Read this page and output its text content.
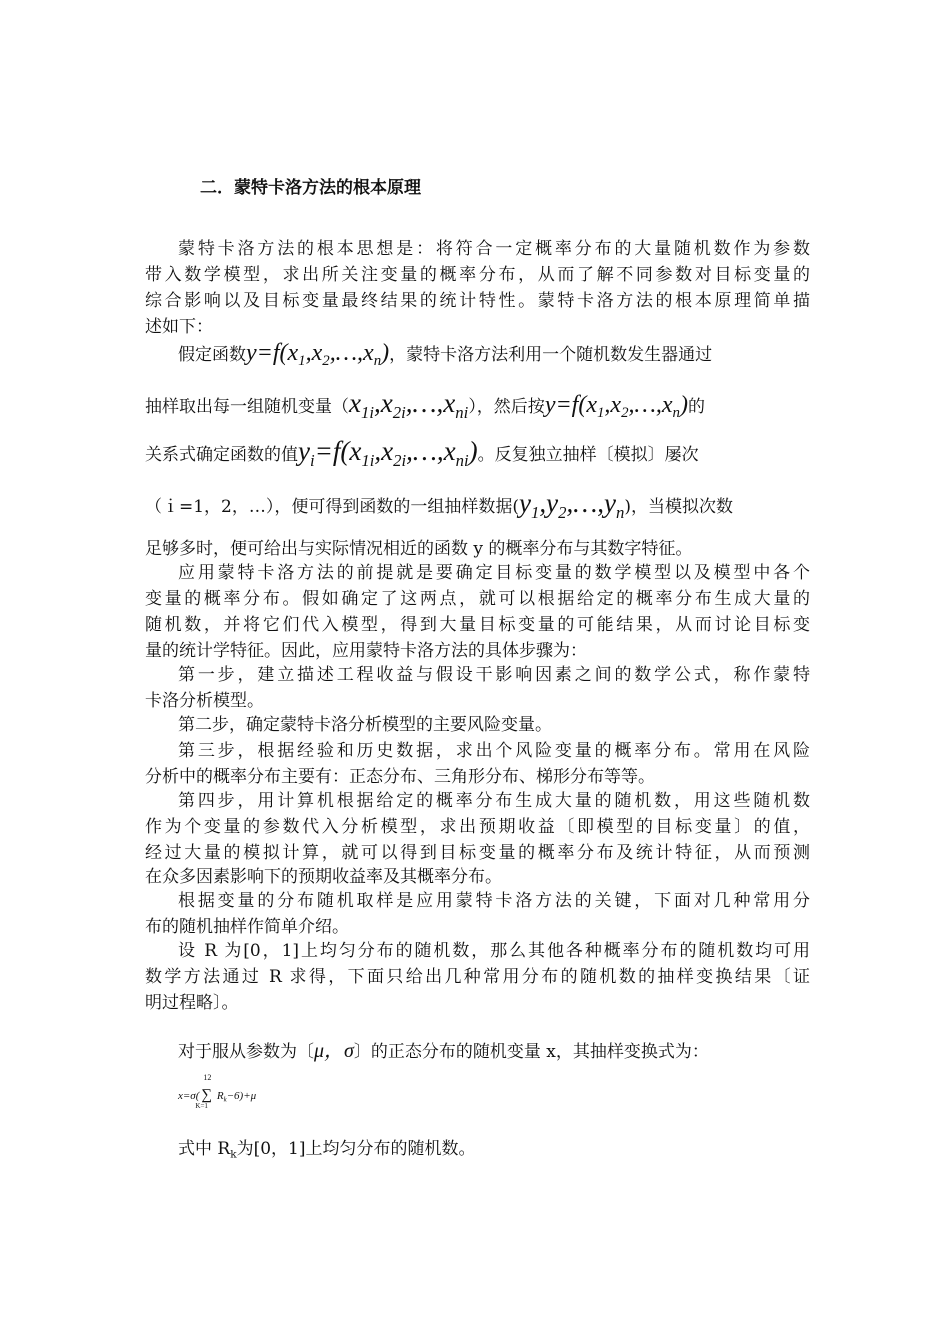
二．蒙特卡洛方法的根本原理
蒙特卡洛方法的根本思想是：将符合一定概率分布的大量随机数作为参数
带入数学模型，求出所关注变量的概率分布，从而了解不同参数对目标变量的
综合影响以及目标变量最终结果的统计特性。蒙特卡洛方法的根本原理简单描
述如下：
假定函数$y=f(x_1,x_2,\dots,x_n)$，蒙特卡洛方法利用一个随机数发生器通过
抽样取出每一组随机变量$(x_{1i},x_{2i},\dots,x_{ni})$，然后按$y=f(x_1,x_2,\dots,x_n)$的
关系式确定函数的值$y_i=f(x_{1i},x_{2i},\dots,x_{ni})$。反复独立抽样〔模拟〕屡次
（ｉ=1，2，…），便可得到函数的一组抽样数据$(y_1,y_2,\dots,y_n)$，当模拟次数
足够多时，便可给出与实际情况相近的函数 y 的概率分布与其数字特征。
应用蒙特卡洛方法的前提就是要确定目标变量的数学模型以及模型中各个
变量的概率分布。假如确定了这两点，就可以根据给定的概率分布生成大量的
随机数，并将它们代入模型，得到大量目标变量的可能结果，从而讨论目标变
量的统计学特征。因此，应用蒙特卡洛方法的具体步骤为：
第一步，建立描述工程收益与假设干影响因素之间的数学公式，称作蒙特
卡洛分析模型。
第二步，确定蒙特卡洛分析模型的主要风险变量。
第三步，根据经验和历史数据，求出个风险变量的概率分布。常用在风险
分析中的概率分布主要有：正态分布、三角形分布、梯形分布等等。
第四步，用计算机根据给定的概率分布生成大量的随机数，用这些随机数
作为个变量的参数代入分析模型，求出预期收益〔即模型的目标变量〕的值，
经过大量的模拟计算，就可以得到目标变量的概率分布及统计特征，从而预测
在众多因素影响下的预期收益率及其概率分布。
根据变量的分布随机取样是应用蒙特卡洛方法的关键，下面对几种常用分
布的随机抽样作简单介绍。
设 R 为[0，1]上均匀分布的随机数，那么其他各种概率分布的随机数均可用
数学方法通过 R 求得，下面只给出几种常用分布的随机数的抽样变换结果〔证
明过程略〕。
对于服从参数为〔μ，σ〕的正态分布的随机变量 x，其抽样变换式为：
x=σ( ∑
12
K=1
$R_k-6)+\mu$
式中 $R_k$为[0，1]上均匀分布的随机数。
